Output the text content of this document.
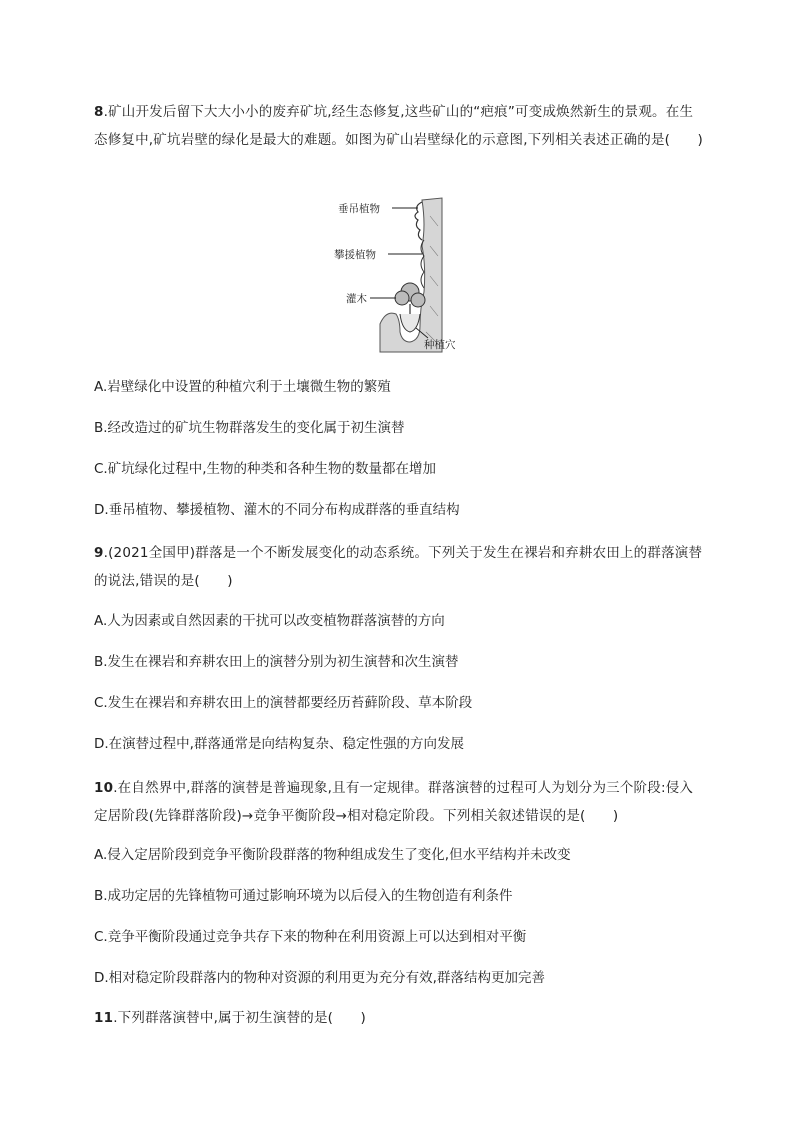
8.矿山开发后留下大大小小的废弃矿坑,经生态修复,这些矿山的“疤痕”可变成焕然新生的景观。在生态修复中,矿坑岩壁的绿化是最大的难题。如图为矿山岩壁绿化的示意图,下列相关表述正确的是(　　)
垂吊植物
攀援植物
灌木
种植穴
A.岩壁绿化中设置的种植穴利于土壤微生物的繁殖
B.经改造过的矿坑生物群落发生的变化属于初生演替
C.矿坑绿化过程中,生物的种类和各种生物的数量都在增加
D.垂吊植物、攀援植物、灌木的不同分布构成群落的垂直结构
9.(2021全国甲)群落是一个不断发展变化的动态系统。下列关于发生在裸岩和弃耕农田上的群落演替的说法,错误的是(　　)
A.人为因素或自然因素的干扰可以改变植物群落演替的方向
B.发生在裸岩和弃耕农田上的演替分别为初生演替和次生演替
C.发生在裸岩和弃耕农田上的演替都要经历苔藓阶段、草本阶段
D.在演替过程中,群落通常是向结构复杂、稳定性强的方向发展
10.在自然界中,群落的演替是普遍现象,且有一定规律。群落演替的过程可人为划分为三个阶段:侵入定居阶段(先锋群落阶段)→竞争平衡阶段→相对稳定阶段。下列相关叙述错误的是(　　)
A.侵入定居阶段到竞争平衡阶段群落的物种组成发生了变化,但水平结构并未改变
B.成功定居的先锋植物可通过影响环境为以后侵入的生物创造有利条件
C.竞争平衡阶段通过竞争共存下来的物种在利用资源上可以达到相对平衡
D.相对稳定阶段群落内的物种对资源的利用更为充分有效,群落结构更加完善
11.下列群落演替中,属于初生演替的是(　　)
